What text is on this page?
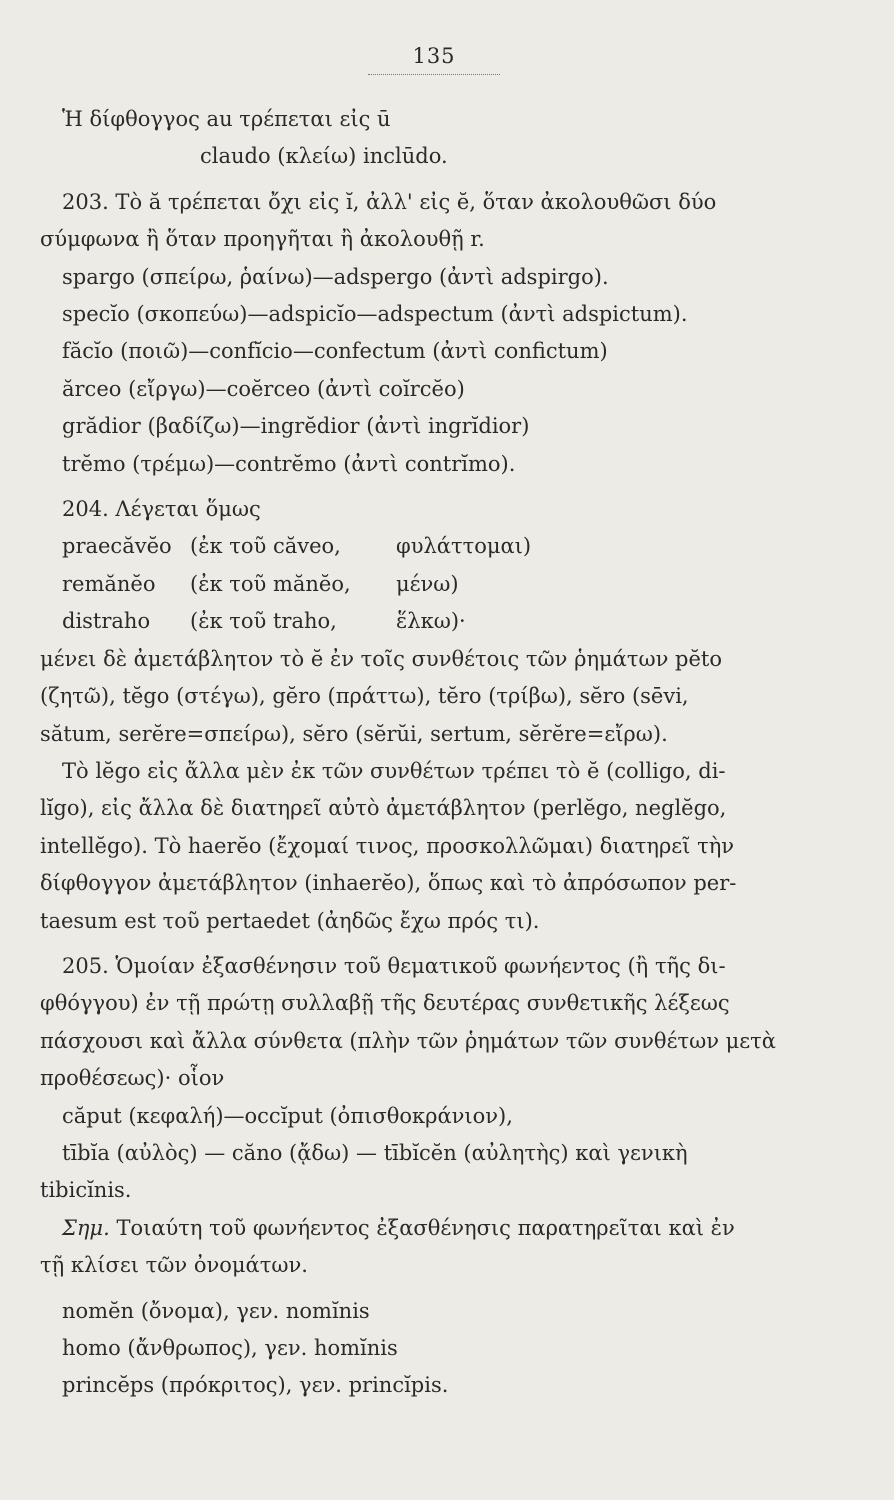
135

Ἡ δίφθογγος au τρέπεται εἰς ū

claudo (κλείω) inclūdo.

203. Τὸ ă τρέπεται ὄχι εἰς ĭ, ἀλλ' εἰς ĕ, ὅταν ἀκολουθῶσι δύο

σύμφωνα ἢ ὅταν προηγῆται ἢ ἀκολουθῇ r.

spargo (σπείρω, ῥαίνω)—adspergo (ἀντὶ adspirgo).

specĭo (σκοπεύω)—adspicĭo—adspectum (ἀντὶ adspictum).

făcĭo (ποιῶ)—confĭcio—confectum (ἀντὶ confictum)

ărceo (εἴργω)—coĕrceo (ἀντὶ coĭrcĕo)

grădior (βαδίζω)—ingrĕdior (ἀντὶ ingrĭdior)

trĕmo (τρέμω)—contrĕmo (ἀντὶ contrĭmo).

204. Λέγεται ὅμως

praecăvĕo (ἐκ τοῦ căveo,	φυλάττομαι)
remănĕo	(ἐκ τοῦ mănĕo,	μένω)
distraho	(ἐκ τοῦ traho,	ἕλκω)·

μένει δὲ ἀμετάβλητον τὸ ĕ ἐν τοῖς συνθέτοις τῶν ῥημάτων pĕto

(ζητῶ), tĕgo (στέγω), gĕro (πράττω), tĕro (τρίβω), sĕro (sēvi,

sătum, serĕre=σπείρω), sĕro (sĕrŭi, sertum, sĕrĕre=εἴρω).

Τὸ lĕgo εἰς ἄλλα μὲν ἐκ τῶν συνθέτων τρέπει τὸ ĕ (colligo, di-

lĭgo), εἰς ἄλλα δὲ διατηρεῖ αὐτὸ ἀμετάβλητον (perlĕgo, neglĕgo,

intellĕgo). Τὸ haerĕo (ἔχομαί τινος, προσκολλῶμαι) διατηρεῖ τὴν

δίφθογγον ἀμετάβλητον (inhaerĕo), ὅπως καὶ τὸ ἀπρόσωπον per-

taesum est τοῦ pertaedet (ἀηδῶς ἔχω πρός τι).

205. Ὁμοίαν ἐξασθένησιν τοῦ θεματικοῦ φωνήεντος (ἢ τῆς δι-

φθόγγου) ἐν τῇ πρώτῃ συλλαβῇ τῆς δευτέρας συνθετικῆς λέξεως

πάσχουσι καὶ ἄλλα σύνθετα (πλὴν τῶν ῥημάτων τῶν συνθέτων μετὰ

προθέσεως)· οἷον

căput (κεφαλή)—occĭput (ὀπισθοκράνιον),

tībĭa (αὐλὸς) — căno (ᾄδω) — tībĭcĕn (αὐλητὴς) καὶ γενικὴ

tibicĭnis.

Σημ. Τοιαύτη τοῦ φωνήεντος ἐξασθένησις παρατηρεῖται καὶ ἐν

τῇ κλίσει τῶν ὀνομάτων.

nomĕn (ὄνομα), γεν. nomĭnis

homo (ἄνθρωπος), γεν. homĭnis

princĕps (πρόκριτος), γεν. princĭpis.
